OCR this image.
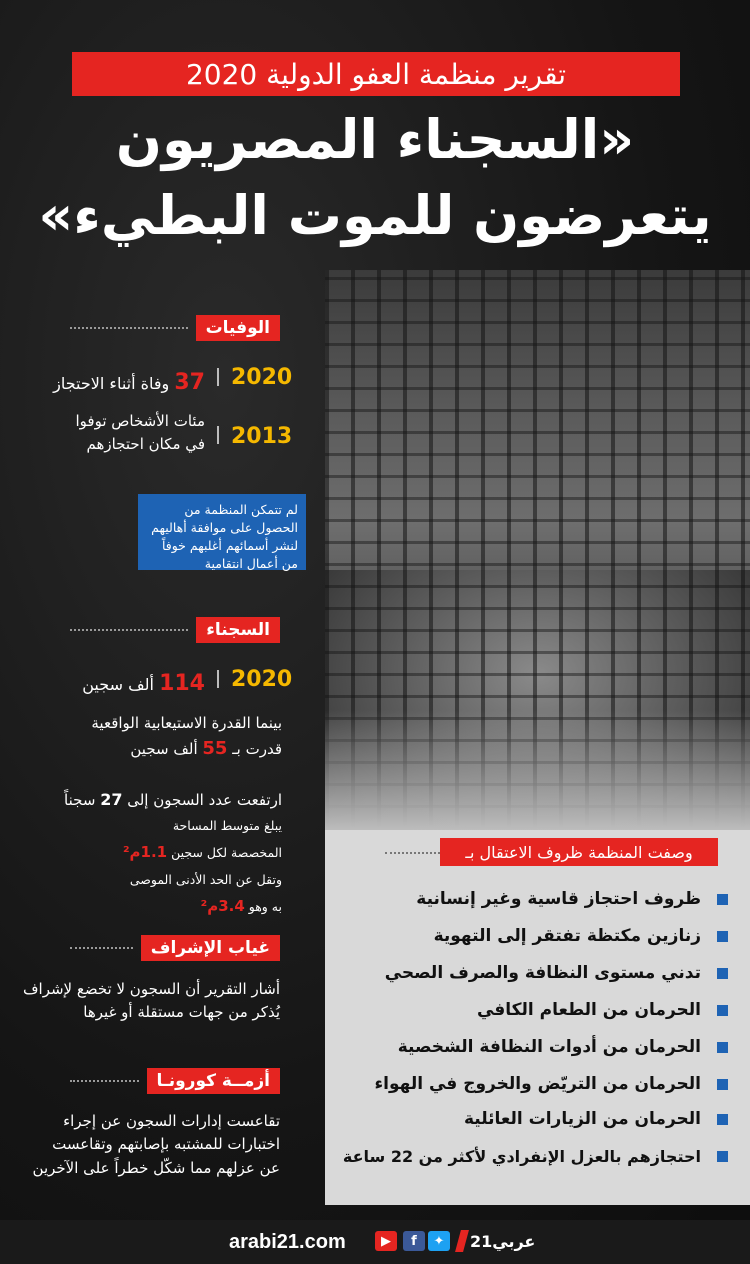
تقرير منظمة العفو الدولية 2020
«السجناء المصريون
يتعرضون للموت البطيء»
الوفيات
2020
37 وفاة أثناء الاحتجاز
2013
مئات الأشخاص توفوا
في مكان احتجازهم
لم تتمكن المنظمة من الحصول على موافقة أهاليهم لنشر أسمائهم أغلبهم خوفاً من أعمال انتقامية
السجناء
2020
114 ألف سجين
بينما القدرة الاستيعابية الواقعية
قدرت بـ 55 ألف سجين
ارتفعت عدد السجون إلى 27 سجناً
يبلغ متوسط المساحة
المخصصة لكل سجين 1.1م²
وتقل عن الحد الأدنى الموصى
به وهو 3.4م²
غياب الإشراف
أشار التقرير أن السجون لا تخضع لإشراف
يُذكر من جهات مستقلة أو غيرها
أزمــة كورونـا
تقاعست إدارات السجون عن إجراء
اختبارات للمشتبه بإصابتهم وتقاعست
عن عزلهم مما شكّل خطراً على الآخرين
وصفت المنظمة ظروف الاعتقال بـ
ظروف احتجاز قاسية وغير إنسانية
زنازين مكتظة تفتقر إلى التهوية
تدني مستوى النظافة والصرف الصحي
الحرمان من الطعام الكافي
الحرمان من أدوات النظافة الشخصية
الحرمان من التريّض والخروج في الهواء
الحرمان من الزيارات العائلية
احتجازهم بالعزل الإنفرادي لأكثر من 22 ساعة
arabi21.com	▶	f	✦	عربي21
